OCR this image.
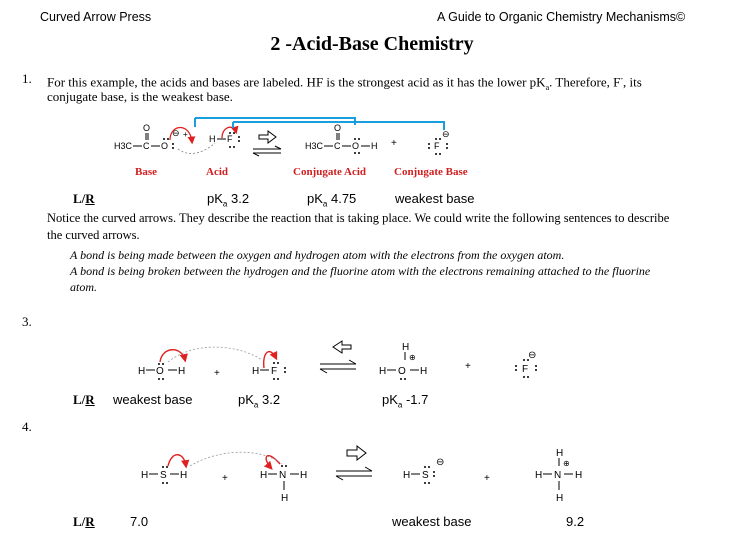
Curved Arrow Press	A Guide to Organic Chemistry Mechanisms©
2 -Acid-Base Chemistry
1. For this example, the acids and bases are labeled. HF is the strongest acid as it has the lower $pK_a$. Therefore, F-, its
conjugate base, is the weakest base.
Base	Acid	Conjugate Acid	Conjugate Base
L/R	$pK_a$ 3.2	$pK_a$ 4.75	weakest base
Notice the curved arrows. They describe the reaction that is taking place. We could write the following sentences to describe
the curved arrows.
A bond is being made between the oxygen and hydrogen atom with the electrons from the oxygen atom.
A bond is being broken between the hydrogen and the fluorine atom with the electrons remaining attached to the fluorine
atom.
3.
L/R weakest base	$pK_a$ 3.2	$pK_a$ -1.7
4.
L/R	7.0	weakest base	9.2
H3C C
O
O
⊖ + H F
H3C C
O
O H +	F
⊖
H O H	+	H F
H
⊕
H O H	+	F
⊖
H S H	+	H N H
H
H S
⊖
+
H
⊕
H N H
H
